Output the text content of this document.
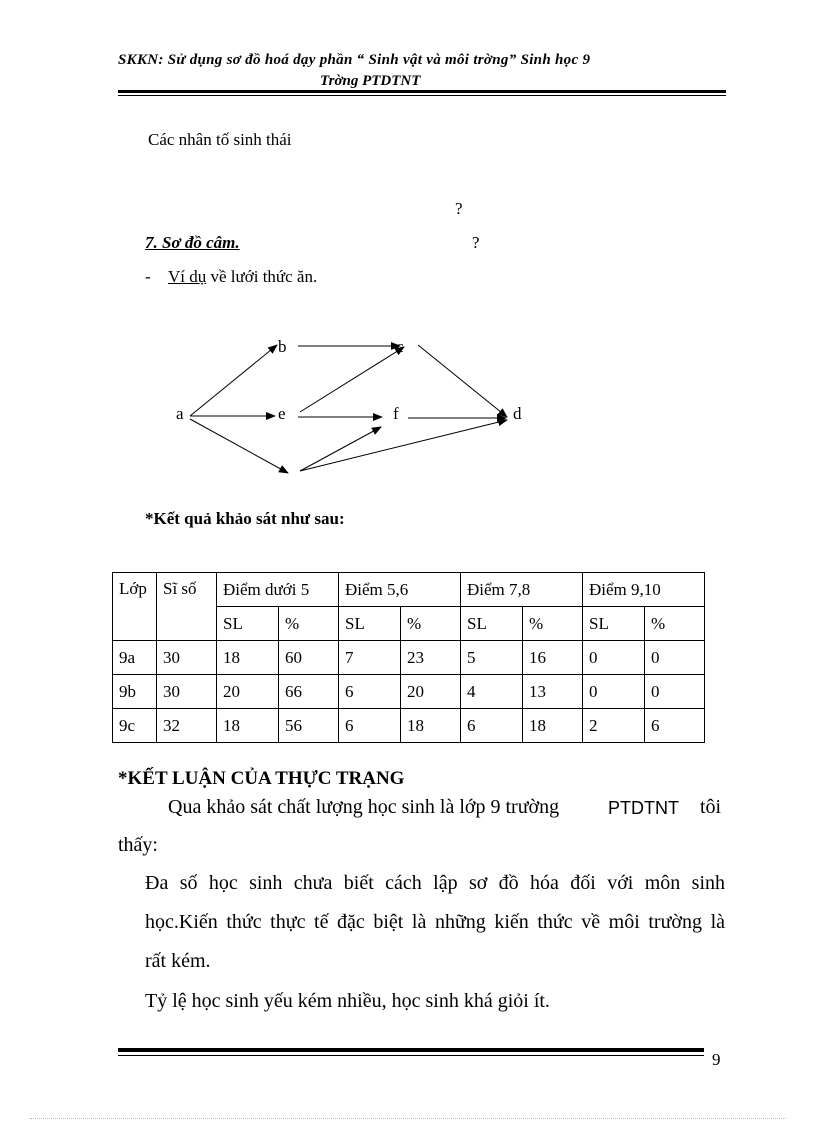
SKKN: Sử dụng sơ đồ hoá dạy phần “ Sinh vật và môi trờng” Sinh học 9
Trờng PTDTNT
Các nhân tố sinh thái
?
?
7. Sơ đồ câm.
- Ví dụ về lưới thức ăn.
a
b	c
d
e	f
*Kết quả khảo sát như sau:
Lớp	Sĩ số	Điểm dưới 5		Điểm 5,6		Điểm 7,8		Điểm 9,10	
		SL	%	SL	%	SL	%	SL	%
9a	30	18	60	7	23	5	16	0	0
9b	30	20	66	6	20	4	13	0	0
9c	32	18	56	6	18	6	18	2	6
*KẾT LUẬN CỦA THỰC TRẠNG
Qua khảo sát chất lượng học sinh là lớp 9 trường	PTDTNT tôi
thấy:
Đa số học sinh chưa biết cách lập sơ đồ hóa đối với môn sinh
học.Kiến thức thực tế đặc biệt là những kiến thức về môi trường là
rất kém.
Tỷ lệ học sinh yếu kém nhiều, học sinh khá giỏi ít.
9
